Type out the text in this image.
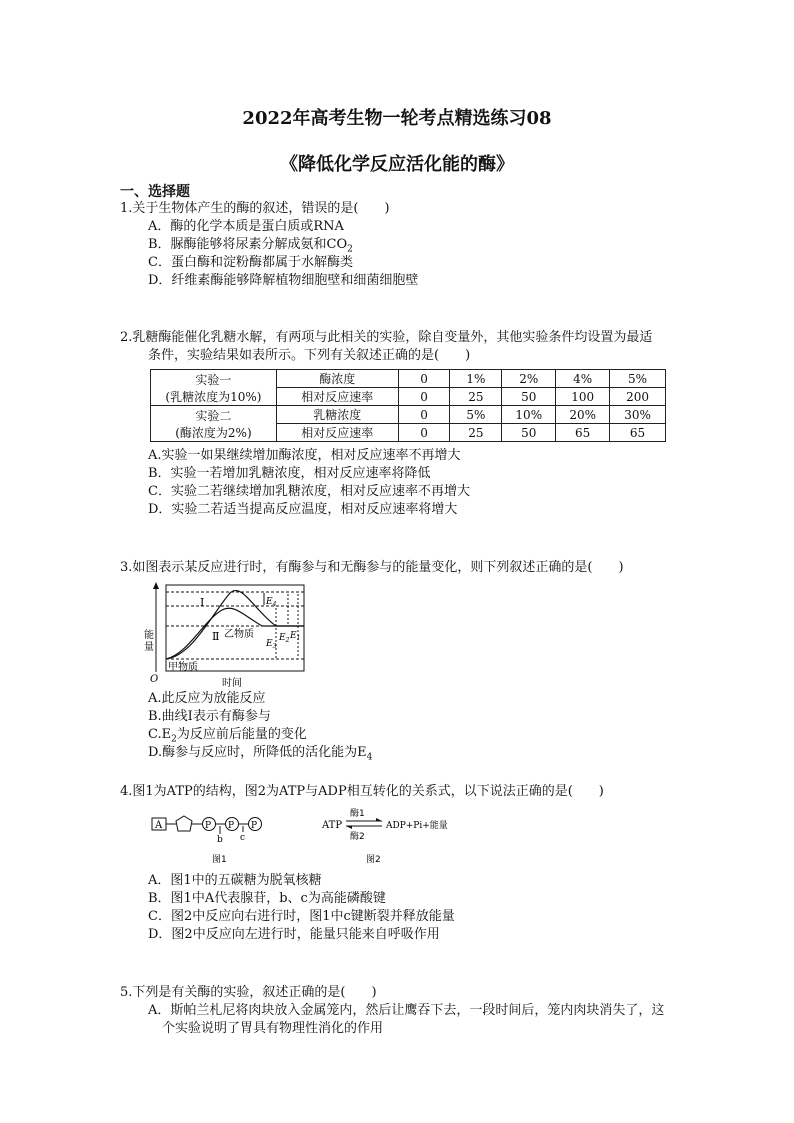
2022年高考生物一轮考点精选练习08
《降低化学反应活化能的酶》
一、选择题
1.关于生物体产生的酶的叙述，错误的是(　　)
A．酶的化学本质是蛋白质或RNA
B．脲酶能够将尿素分解成氨和$CO_2$
C．蛋白酶和淀粉酶都属于水解酶类
D．纤维素酶能够降解植物细胞壁和细菌细胞壁
2.乳糖酶能催化乳糖水解，有两项与此相关的实验，除自变量外，其他实验条件均设置为最适
条件，实验结果如表所示。下列有关叙述正确的是(　　)
实验一
(乳糖浓度为10%)	酶浓度	0	1%	2%	4%	5%
	相对反应速率	0	25	50	100	200

实验二
(酶浓度为2%)	乳糖浓度	0	5%	10%	20%	30%
	相对反应速率	0	25	50	65	65
A.实验一如果继续增加酶浓度，相对反应速率不再增大
B．实验一若增加乳糖浓度，相对反应速率将降低
C．实验二若继续增加乳糖浓度，相对反应速率不再增大
D．实验二若适当提高反应温度，相对反应速率将增大
3.如图表示某反应进行时，有酶参与和无酶参与的能量变化，则下列叙述正确的是(　　)
Ⅰ
Ⅱ 乙物质
甲物质
能
量
时间
O
$E_4$
$E_3$
$E_2$ $E_1$
A.此反应为放能反应
B.曲线Ⅰ表示有酶参与
$C.E_2$为反应前后能量的变化
D.酶参与反应时，所降低的活化能为$E_4$
4.图1为ATP的结构，图2为ATP与ADP相互转化的关系式，以下说法正确的是(　　)
A	P P P
b c
图1
ATP
酶1
酶2
ADP+Pi+能量
图2
A．图1中的五碳糖为脱氧核糖
B．图1中A代表腺苷，b、c为高能磷酸键
C．图2中反应向右进行时，图1中c键断裂并释放能量
D．图2中反应向左进行时，能量只能来自呼吸作用
5.下列是有关酶的实验，叙述正确的是(　　)
A．斯帕兰札尼将肉块放入金属笼内，然后让鹰吞下去，一段时间后，笼内肉块消失了，这
个实验说明了胃具有物理性消化的作用
